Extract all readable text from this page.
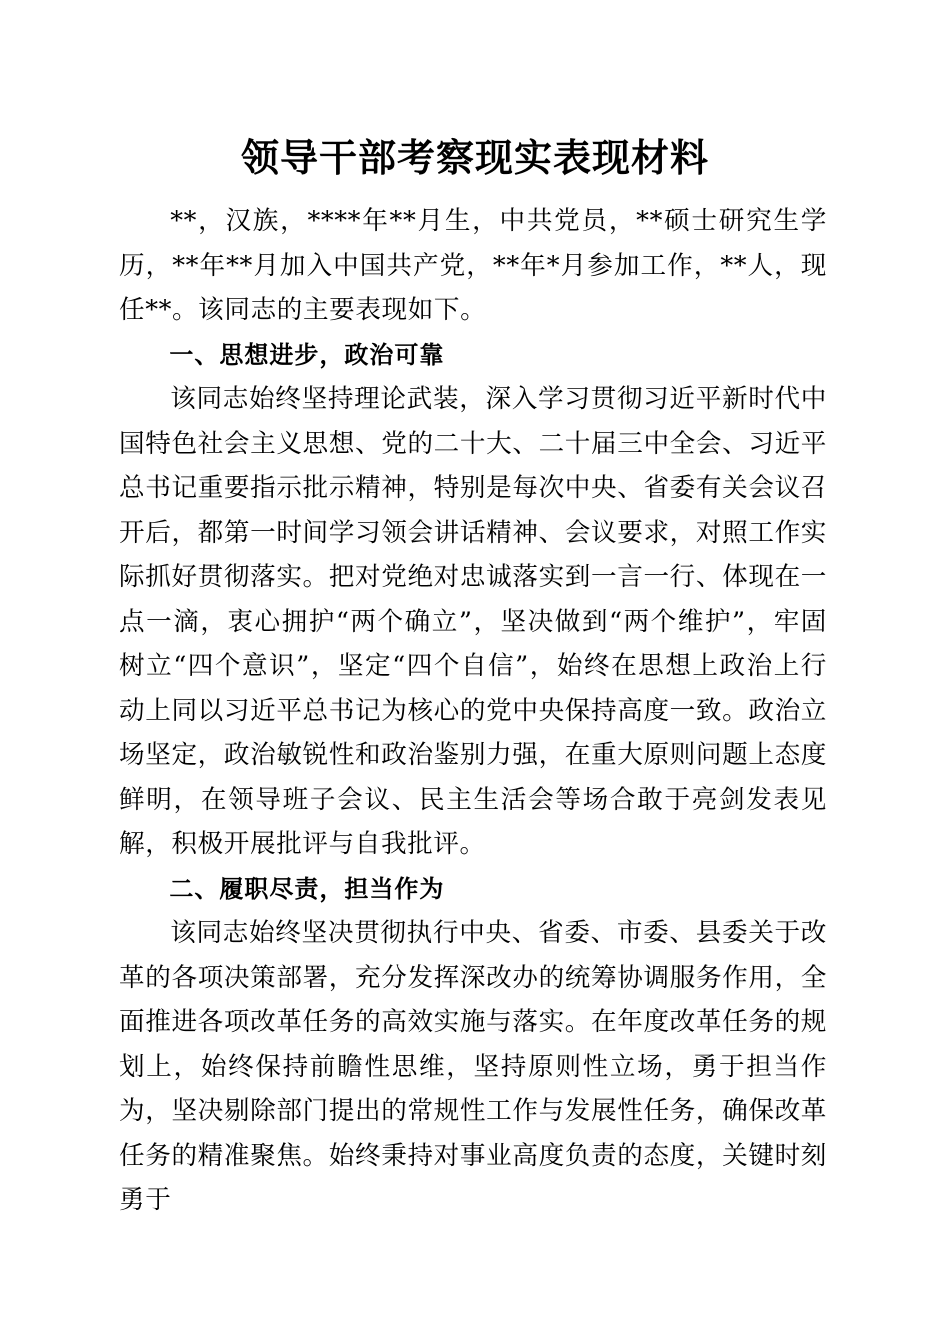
领导干部考察现实表现材料

**，汉族，****年**月生，中共党员，**硕士研究生学历，**年**月加入中国共产党，**年*月参加工作，**人，现任**。该同志的主要表现如下。

一、思想进步，政治可靠

该同志始终坚持理论武装，深入学习贯彻习近平新时代中国特色社会主义思想、党的二十大、二十届三中全会、习近平总书记重要指示批示精神，特别是每次中央、省委有关会议召开后，都第一时间学习领会讲话精神、会议要求，对照工作实际抓好贯彻落实。把对党绝对忠诚落实到一言一行、体现在一点一滴，衷心拥护“两个确立”，坚决做到“两个维护”，牢固树立“四个意识”，坚定“四个自信”，始终在思想上政治上行动上同以习近平总书记为核心的党中央保持高度一致。政治立场坚定，政治敏锐性和政治鉴别力强，在重大原则问题上态度鲜明，在领导班子会议、民主生活会等场合敢于亮剑发表见解，积极开展批评与自我批评。

二、履职尽责，担当作为

该同志始终坚决贯彻执行中央、省委、市委、县委关于改革的各项决策部署，充分发挥深改办的统筹协调服务作用，全面推进各项改革任务的高效实施与落实。在年度改革任务的规划上，始终保持前瞻性思维，坚持原则性立场，勇于担当作为，坚决剔除部门提出的常规性工作与发展性任务，确保改革任务的精准聚焦。始终秉持对事业高度负责的态度，关键时刻勇于
